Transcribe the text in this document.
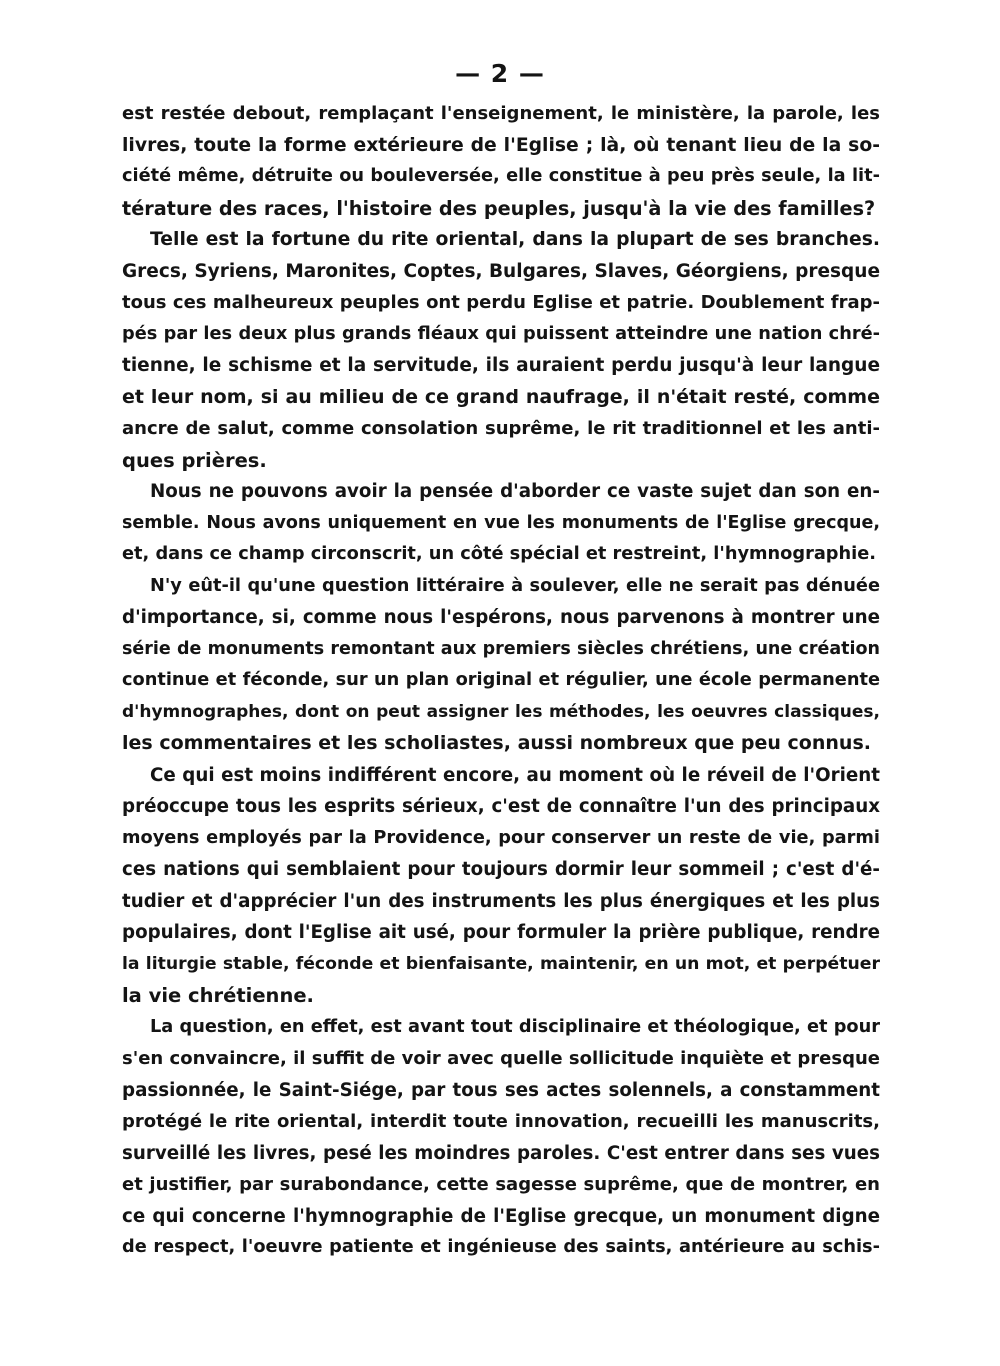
— 2 —
est restée debout, remplaçant l'enseignement, le ministère, la parole, les
livres, toute la forme extérieure de l'Eglise ; là, où tenant lieu de la so-
ciété même, détruite ou bouleversée, elle constitue à peu près seule, la lit-
térature des races, l'histoire des peuples, jusqu'à la vie des familles?
Telle est la fortune du rite oriental, dans la plupart de ses branches.
Grecs, Syriens, Maronites, Coptes, Bulgares, Slaves, Géorgiens, presque
tous ces malheureux peuples ont perdu Eglise et patrie. Doublement frap-
pés par les deux plus grands fléaux qui puissent atteindre une nation chré-
tienne, le schisme et la servitude, ils auraient perdu jusqu'à leur langue
et leur nom, si au milieu de ce grand naufrage, il n'était resté, comme
ancre de salut, comme consolation suprême, le rit traditionnel et les anti-
ques prières.
Nous ne pouvons avoir la pensée d'aborder ce vaste sujet dan son en-
semble. Nous avons uniquement en vue les monuments de l'Eglise grecque,
et, dans ce champ circonscrit, un côté spécial et restreint, l'hymnographie.
N'y eût-il qu'une question littéraire à soulever, elle ne serait pas dénuée
d'importance, si, comme nous l'espérons, nous parvenons à montrer une
série de monuments remontant aux premiers siècles chrétiens, une création
continue et féconde, sur un plan original et régulier, une école permanente
d'hymnographes, dont on peut assigner les méthodes, les oeuvres classiques,
les commentaires et les scholiastes, aussi nombreux que peu connus.
Ce qui est moins indifférent encore, au moment où le réveil de l'Orient
préoccupe tous les esprits sérieux, c'est de connaître l'un des principaux
moyens employés par la Providence, pour conserver un reste de vie, parmi
ces nations qui semblaient pour toujours dormir leur sommeil ; c'est d'é-
tudier et d'apprécier l'un des instruments les plus énergiques et les plus
populaires, dont l'Eglise ait usé, pour formuler la prière publique, rendre
la liturgie stable, féconde et bienfaisante, maintenir, en un mot, et perpétuer
la vie chrétienne.
La question, en effet, est avant tout disciplinaire et théologique, et pour
s'en convaincre, il suffit de voir avec quelle sollicitude inquiète et presque
passionnée, le Saint-Siége, par tous ses actes solennels, a constamment
protégé le rite oriental, interdit toute innovation, recueilli les manuscrits,
surveillé les livres, pesé les moindres paroles. C'est entrer dans ses vues
et justifier, par surabondance, cette sagesse suprême, que de montrer, en
ce qui concerne l'hymnographie de l'Eglise grecque, un monument digne
de respect, l'oeuvre patiente et ingénieuse des saints, antérieure au schis-
